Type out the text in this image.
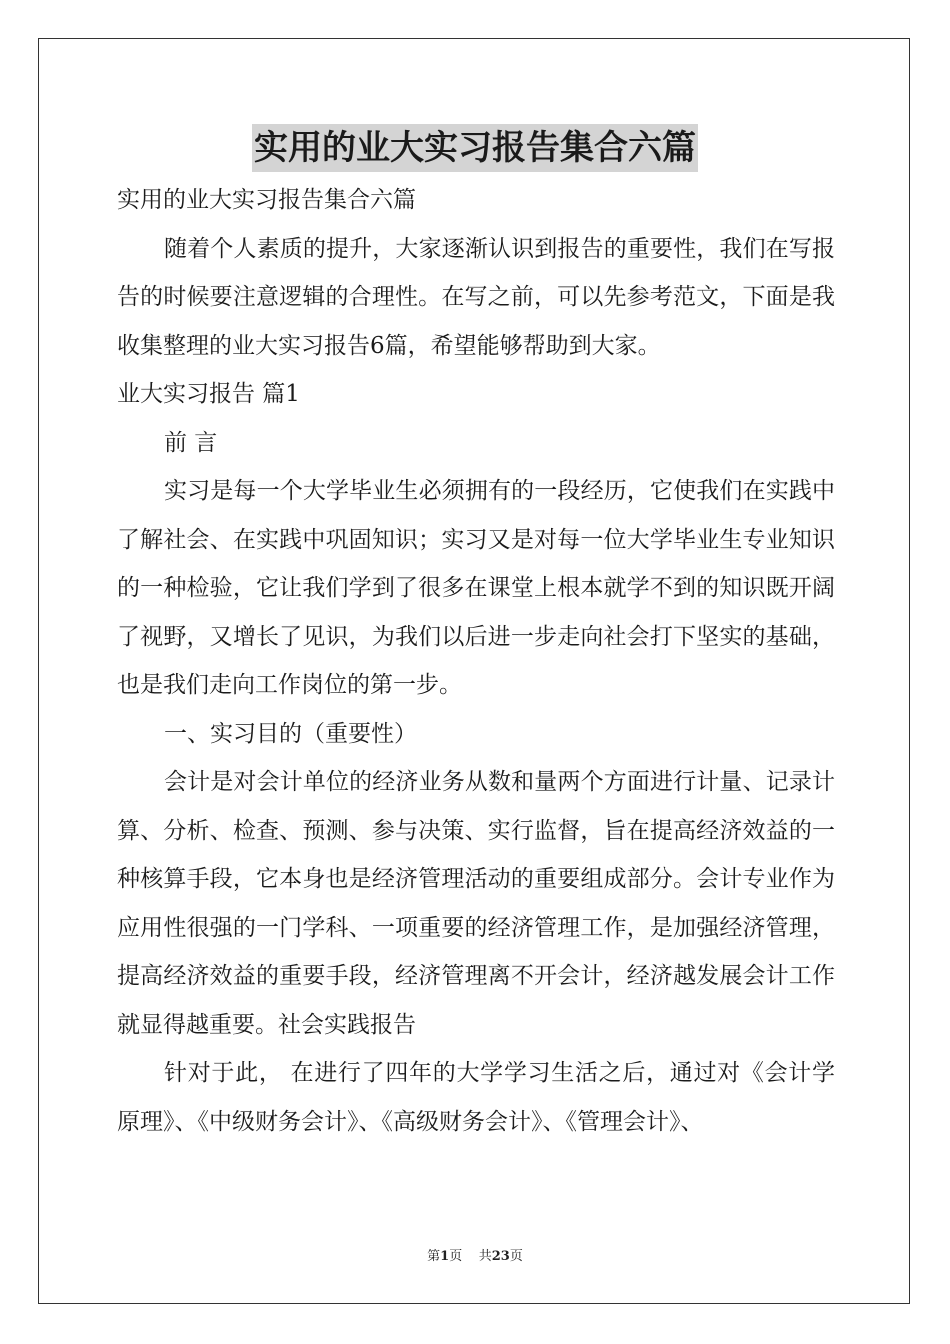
实用的业大实习报告集合六篇

实用的业大实习报告集合六篇

随着个人素质的提升，大家逐渐认识到报告的重要性，我们在写报告的时候要注意逻辑的合理性。在写之前，可以先参考范文，下面是我收集整理的业大实习报告6篇，希望能够帮助到大家。

业大实习报告 篇1

前 言

实习是每一个大学毕业生必须拥有的一段经历，它使我们在实践中了解社会、在实践中巩固知识；实习又是对每一位大学毕业生专业知识的一种检验，它让我们学到了很多在课堂上根本就学不到的知识既开阔了视野，又增长了见识，为我们以后进一步走向社会打下坚实的基础，也是我们走向工作岗位的第一步。

一、实习目的（重要性）

会计是对会计单位的经济业务从数和量两个方面进行计量、记录计算、分析、检查、预测、参与决策、实行监督，旨在提高经济效益的一种核算手段，它本身也是经济管理活动的重要组成部分。会计专业作为应用性很强的一门学科、一项重要的经济管理工作，是加强经济管理，提高经济效益的重要手段，经济管理离不开会计，经济越发展会计工作就显得越重要。社会实践报告

针对于此， 在进行了四年的大学学习生活之后，通过对《会计学原理》、《中级财务会计》、《高级财务会计》、《管理会计》、

第1页 共23页
